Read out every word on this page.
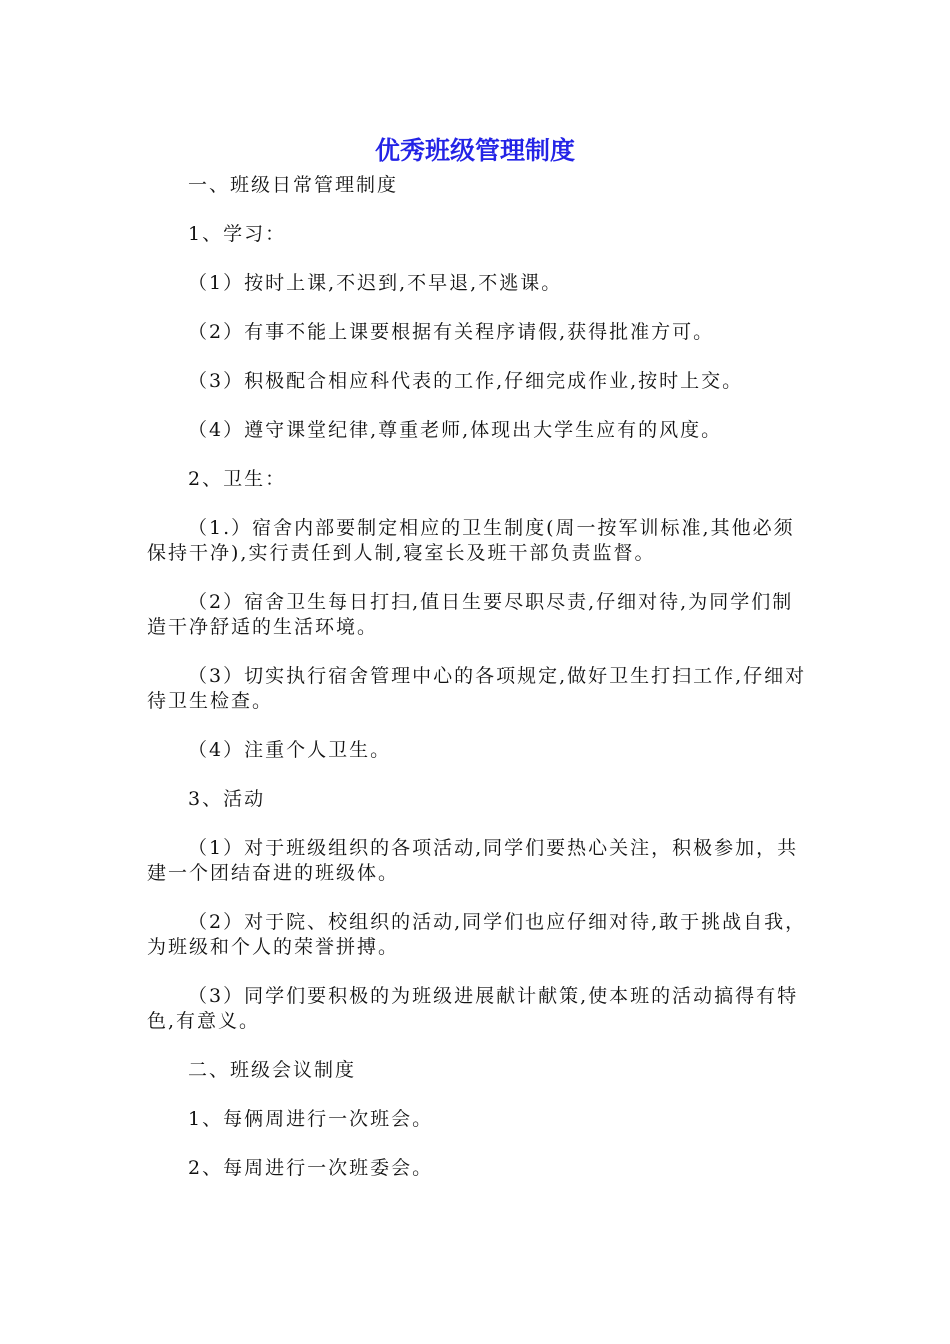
优秀班级管理制度

一、班级日常管理制度

1、学习：

（1）按时上课,不迟到,不早退,不逃课。

（2）有事不能上课要根据有关程序请假,获得批准方可。

（3）积极配合相应科代表的工作,仔细完成作业,按时上交。

（4）遵守课堂纪律,尊重老师,体现出大学生应有的风度。

2、卫生：

（1.）宿舍内部要制定相应的卫生制度(周一按军训标准,其他必须保持干净),实行责任到人制,寝室长及班干部负责监督。

（2）宿舍卫生每日打扫,值日生要尽职尽责,仔细对待,为同学们制造干净舒适的生活环境。

（3）切实执行宿舍管理中心的各项规定,做好卫生打扫工作,仔细对待卫生检查。

（4）注重个人卫生。

3、活动

（1）对于班级组织的各项活动,同学们要热心关注，积极参加，共建一个团结奋进的班级体。

（2）对于院、校组织的活动,同学们也应仔细对待,敢于挑战自我，为班级和个人的荣誉拼搏。

（3）同学们要积极的为班级进展献计献策,使本班的活动搞得有特色,有意义。

二、班级会议制度

1、每俩周进行一次班会。

2、每周进行一次班委会。
